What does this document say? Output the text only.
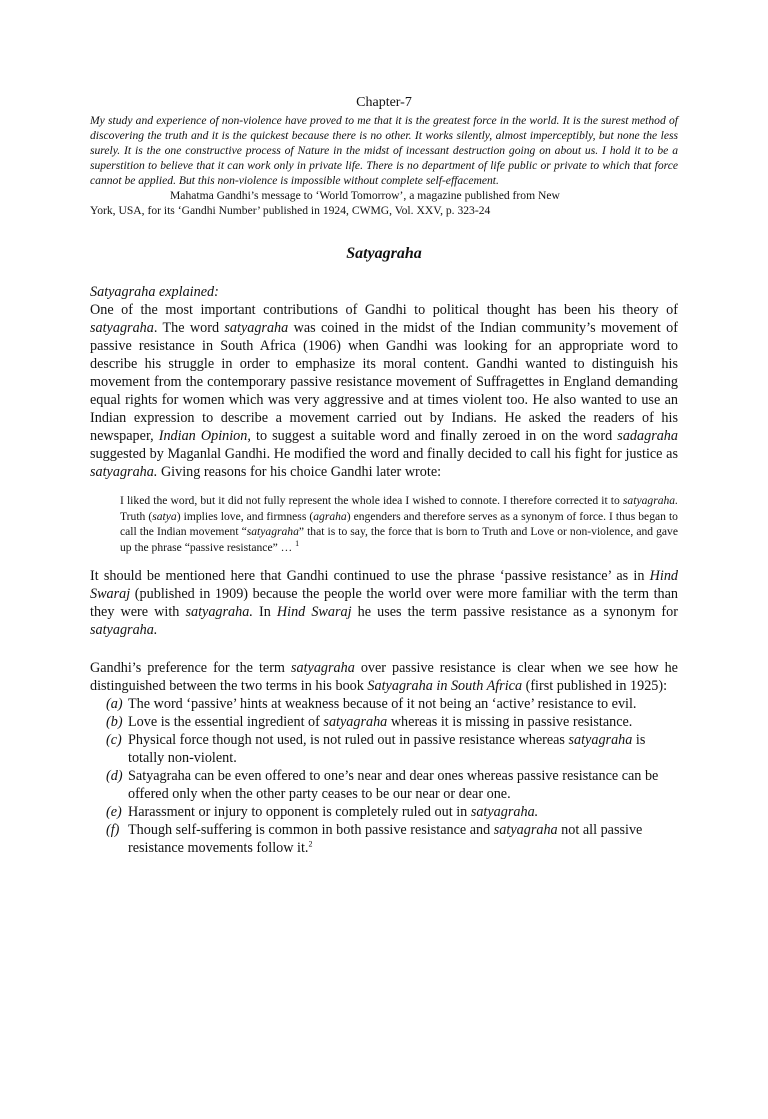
Chapter-7
My study and experience of non-violence have proved to me that it is the greatest force in the world. It is the surest method of discovering the truth and it is the quickest because there is no other. It works silently, almost imperceptibly, but none the less surely. It is the one constructive process of Nature in the midst of incessant destruction going on about us. I hold it to be a superstition to believe that it can work only in private life. There is no department of life public or private to which that force cannot be applied. But this non-violence is impossible without complete self-effacement.
Mahatma Gandhi’s message to ‘World Tomorrow’, a magazine published from New
York, USA, for its ‘Gandhi Number’ published in 1924, CWMG, Vol. XXV, p. 323-24
Satyagraha
Satyagraha explained:

One of the most important contributions of Gandhi to political thought has been his theory of satyagraha. The word satyagraha was coined in the midst of the Indian community’s movement of passive resistance in South Africa (1906) when Gandhi was looking for an appropriate word to describe his struggle in order to emphasize its moral content. Gandhi wanted to distinguish his movement from the contemporary passive resistance movement of Suffragettes in England demanding equal rights for women which was very aggressive and at times violent too. He also wanted to use an Indian expression to describe a movement carried out by Indians. He asked the readers of his newspaper, Indian Opinion, to suggest a suitable word and finally zeroed in on the word sadagraha suggested by Maganlal Gandhi. He modified the word and finally decided to call his fight for justice as satyagraha. Giving reasons for his choice Gandhi later wrote:

I liked the word, but it did not fully represent the whole idea I wished to connote. I therefore corrected it to satyagraha. Truth (satya) implies love, and firmness (agraha) engenders and therefore serves as a synonym of force. I thus began to call the Indian movement “satyagraha” that is to say, the force that is born to Truth and Love or non-violence, and gave up the phrase “passive resistance” … $^1$

It should be mentioned here that Gandhi continued to use the phrase ‘passive resistance’ as in Hind Swaraj (published in 1909) because the people the world over were more familiar with the term than they were with satyagraha. In Hind Swaraj he uses the term passive resistance as a synonym for satyagraha.

Gandhi’s preference for the term satyagraha over passive resistance is clear when we see how he distinguished between the two terms in his book Satyagraha in South Africa (first published in 1925):

(a) The word ‘passive’ hints at weakness because of it not being an ‘active’ resistance to evil.
(b) Love is the essential ingredient of satyagraha whereas it is missing in passive resistance.
(c) Physical force though not used, is not ruled out in passive resistance whereas satyagraha is totally non-violent.
(d) Satyagraha can be even offered to one’s near and dear ones whereas passive resistance can be offered only when the other party ceases to be our near or dear one.
(e) Harassment or injury to opponent is completely ruled out in satyagraha.
(f) Though self-suffering is common in both passive resistance and satyagraha not all passive resistance movements follow it.$^2$
